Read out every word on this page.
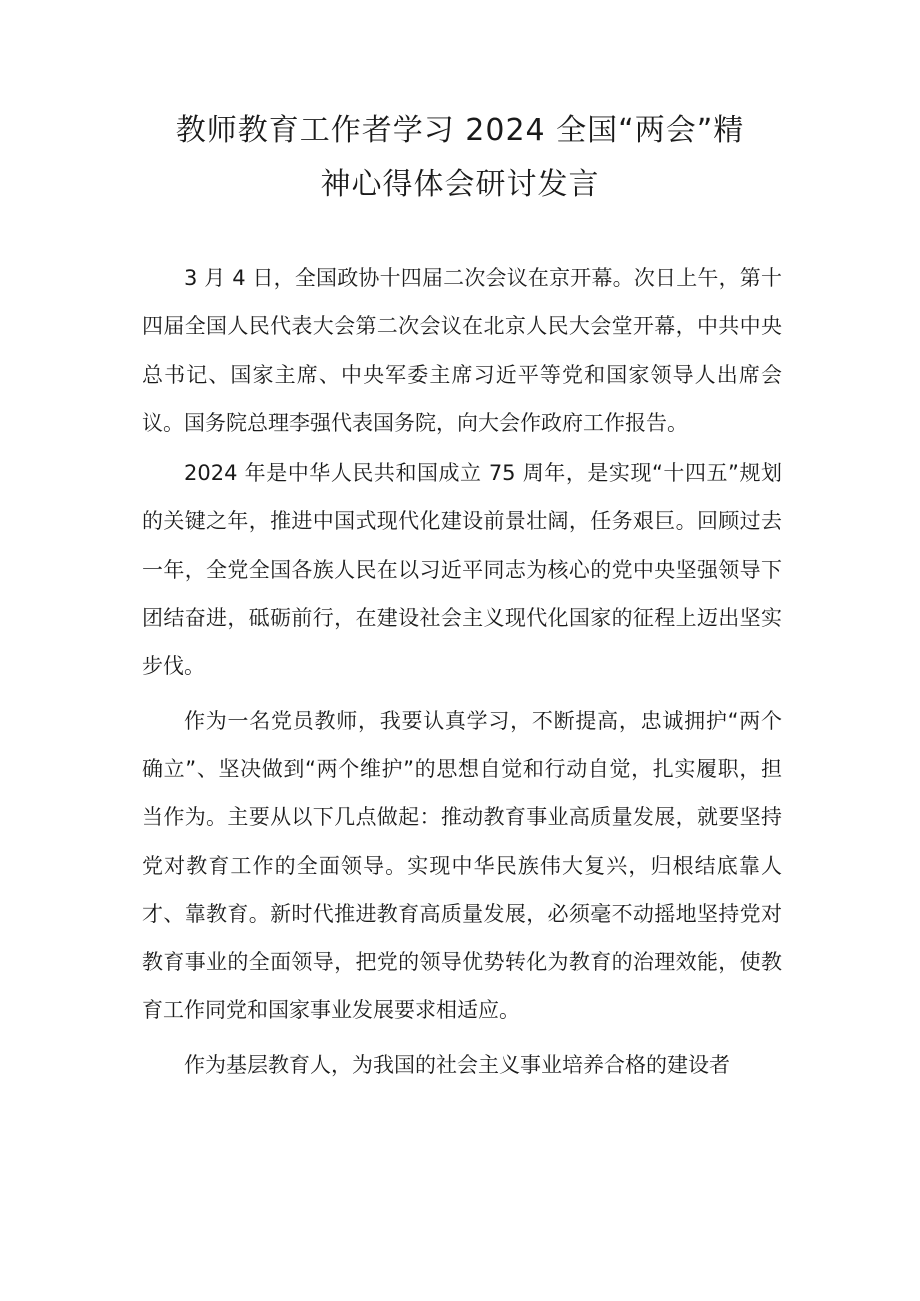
教师教育工作者学习 2024 全国“两会”精
神心得体会研讨发言

3 月 4 日，全国政协十四届二次会议在京开幕。次日上午，第十四届全国人民代表大会第二次会议在北京人民大会堂开幕，中共中央总书记、国家主席、中央军委主席习近平等党和国家领导人出席会议。国务院总理李强代表国务院，向大会作政府工作报告。

2024 年是中华人民共和国成立 75 周年，是实现“十四五”规划的关键之年，推进中国式现代化建设前景壮阔，任务艰巨。回顾过去一年，全党全国各族人民在以习近平同志为核心的党中央坚强领导下团结奋进，砥砺前行，在建设社会主义现代化国家的征程上迈出坚实步伐。

作为一名党员教师，我要认真学习，不断提高，忠诚拥护“两个确立”、坚决做到“两个维护”的思想自觉和行动自觉，扎实履职，担当作为。主要从以下几点做起：推动教育事业高质量发展，就要坚持党对教育工作的全面领导。实现中华民族伟大复兴，归根结底靠人才、靠教育。新时代推进教育高质量发展，必须毫不动摇地坚持党对教育事业的全面领导，把党的领导优势转化为教育的治理效能，使教育工作同党和国家事业发展要求相适应。

作为基层教育人，为我国的社会主义事业培养合格的建设者
